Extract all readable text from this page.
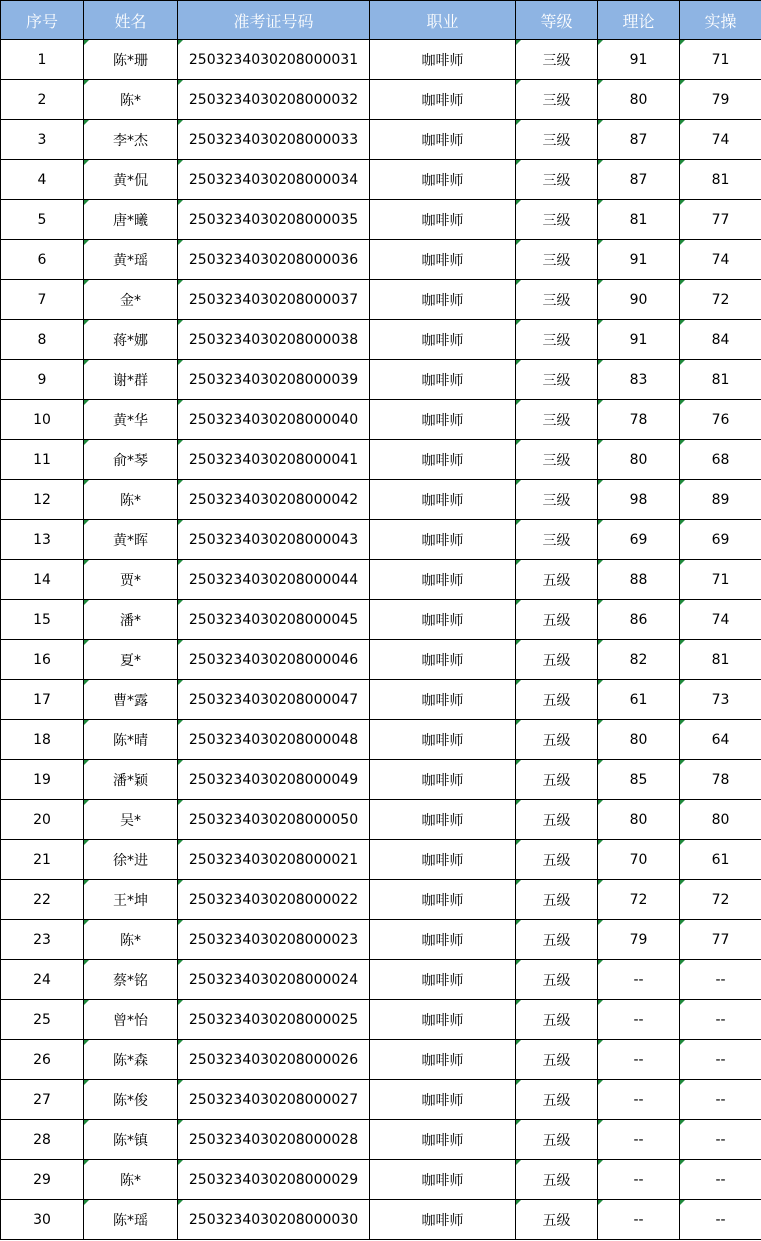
序号	姓名	准考证号码	职业	等级	理论	实操
1	陈*珊	2503234030208000031	咖啡师	三级	91	71
2	陈*	2503234030208000032	咖啡师	三级	80	79
3	李*杰	2503234030208000033	咖啡师	三级	87	74
4	黄*侃	2503234030208000034	咖啡师	三级	87	81
5	唐*曦	2503234030208000035	咖啡师	三级	81	77
6	黄*瑶	2503234030208000036	咖啡师	三级	91	74
7	金*	2503234030208000037	咖啡师	三级	90	72
8	蒋*娜	2503234030208000038	咖啡师	三级	91	84
9	谢*群	2503234030208000039	咖啡师	三级	83	81
10	黄*华	2503234030208000040	咖啡师	三级	78	76
11	俞*琴	2503234030208000041	咖啡师	三级	80	68
12	陈*	2503234030208000042	咖啡师	三级	98	89
13	黄*晖	2503234030208000043	咖啡师	三级	69	69
14	贾*	2503234030208000044	咖啡师	五级	88	71
15	潘*	2503234030208000045	咖啡师	五级	86	74
16	夏*	2503234030208000046	咖啡师	五级	82	81
17	曹*露	2503234030208000047	咖啡师	五级	61	73
18	陈*晴	2503234030208000048	咖啡师	五级	80	64
19	潘*颖	2503234030208000049	咖啡师	五级	85	78
20	吴*	2503234030208000050	咖啡师	五级	80	80
21	徐*进	2503234030208000021	咖啡师	五级	70	61
22	王*坤	2503234030208000022	咖啡师	五级	72	72
23	陈*	2503234030208000023	咖啡师	五级	79	77
24	蔡*铭	2503234030208000024	咖啡师	五级	--	--
25	曾*怡	2503234030208000025	咖啡师	五级	--	--
26	陈*森	2503234030208000026	咖啡师	五级	--	--
27	陈*俊	2503234030208000027	咖啡师	五级	--	--
28	陈*镇	2503234030208000028	咖啡师	五级	--	--
29	陈*	2503234030208000029	咖啡师	五级	--	--
30	陈*瑶	2503234030208000030	咖啡师	五级	--	--
